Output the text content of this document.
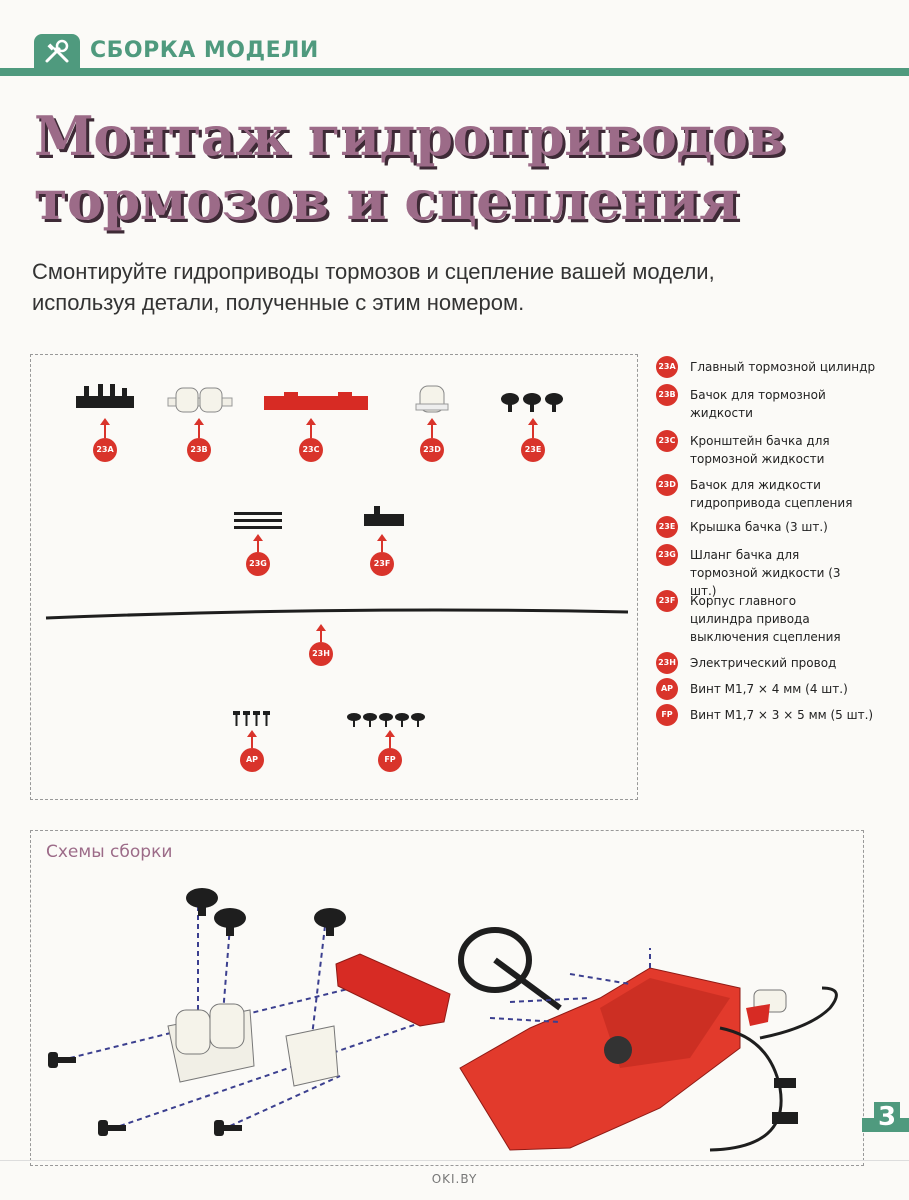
СБОРКА МОДЕЛИ
Монтаж гидроприводов
тормозов и сцепления
Смонтируйте гидроприводы тормозов и сцепление вашей модели,
используя детали, полученные с этим номером.
23A	23B	23C	23D	23E
23G	23F
23H
AP	FP
23A Главный тормозной цилиндр
23B Бачок для тормозной жидкости
23C Кронштейн бачка для тормозной жидкости
23D Бачок для жидкости гидропривода сцепления
23E Крышка бачка (3 шт.)
23G Шланг бачка для тормозной жидкости (3 шт.)
23F Корпус главного цилиндра привода выключения сцепления
23H Электрический провод
AP	Винт М1,7 × 4 мм (4 шт.)
FP	Винт М1,7 × 3 × 5 мм (5 шт.)
Схемы сборки
3
OKI.BY
